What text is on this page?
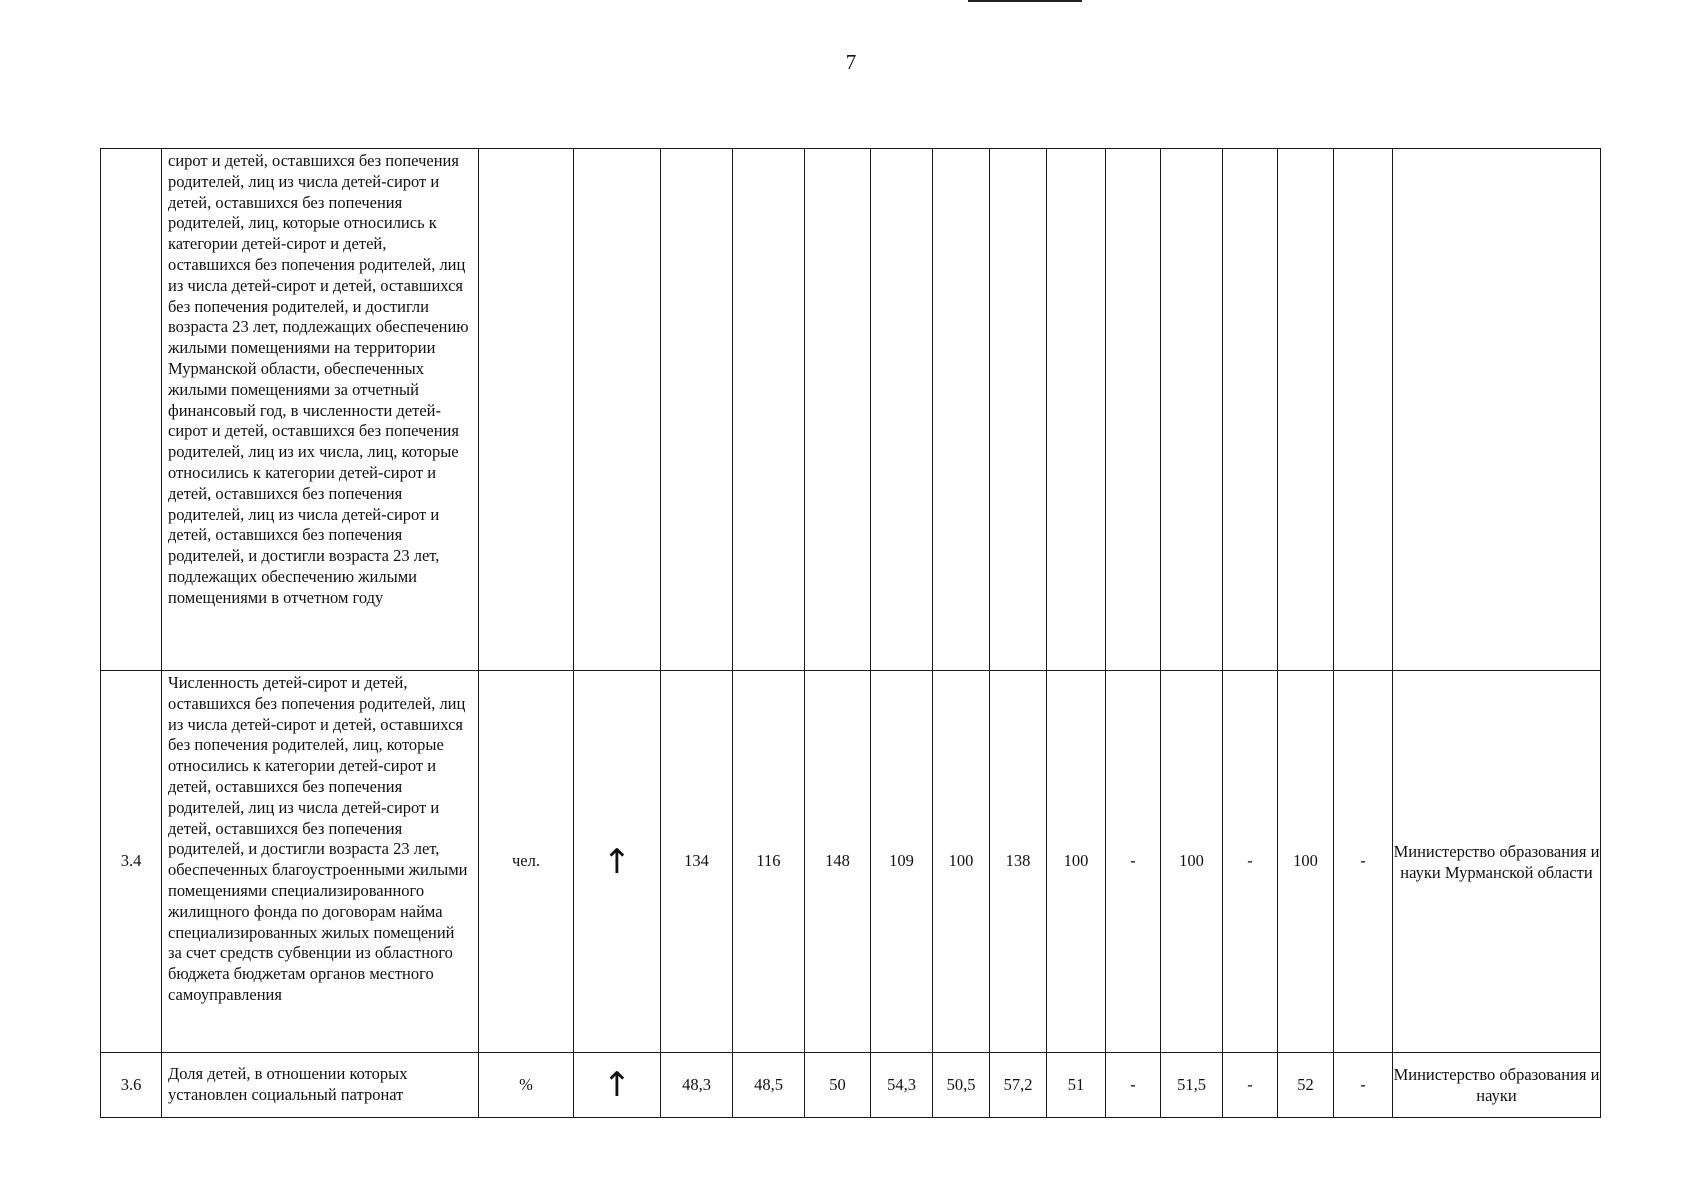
7
	сирот и детей, оставшихся без попечения родителей, лиц из числа детей-сирот и детей, оставшихся без попечения родителей, лиц, которые относились к категории детей-сирот и детей, оставшихся без попечения родителей, лиц из числа детей-сирот и детей, оставшихся без попечения родителей, и достигли возраста 23 лет, подлежащих обеспечению жилыми помещениями на территории Мурманской области, обеспеченных жилыми помещениями за отчетный финансовый год, в численности детей-сирот и детей, оставшихся без попечения родителей, лиц из их числа, лиц, которые относились к категории детей-сирот и детей, оставшихся без попечения родителей, лиц из числа детей-сирот и детей, оставшихся без попечения родителей, и достигли возраста 23 лет, подлежащих обеспечению жилыми помещениями в отчетном году															
3.4	Численность детей-сирот и детей, оставшихся без попечения родителей, лиц из числа детей-сирот и детей, оставшихся без попечения родителей, лиц, которые относились к категории детей-сирот и детей, оставшихся без попечения родителей, лиц из числа детей-сирот и детей, оставшихся без попечения родителей, и достигли возраста 23 лет, обеспеченных благоустроенными жилыми помещениями специализированного жилищного фонда по договорам найма специализированных жилых помещений за счет средств субвенции из областного бюджета бюджетам органов местного самоуправления	чел.	↑	134	116	148	109	100	138	100	-	100	-	100	-	Министерство образования и науки Мурманской области
3.6	Доля детей, в отношении которых установлен социальный патронат	%	↑	48,3	48,5	50	54,3	50,5	57,2	51	-	51,5	-	52	-	Министерство образования и науки
